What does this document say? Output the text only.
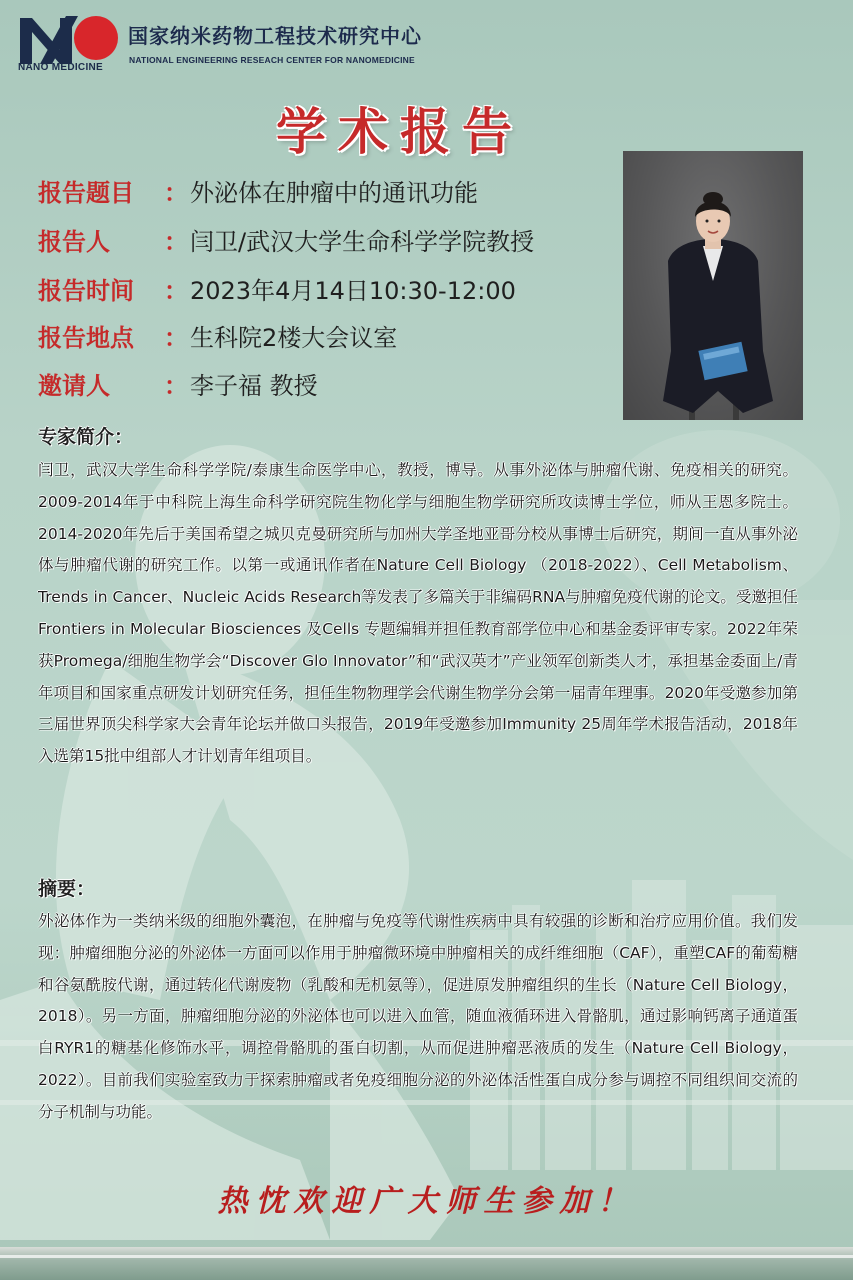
NANO MEDICINE
国家纳米药物工程技术研究中心
NATIONAL ENGINEERING RESEACH CENTER FOR NANOMEDICINE
学术报告
报告题目 ：外泌体在肿瘤中的通讯功能
报告人 ：闫卫/武汉大学生命科学学院教授
报告时间 ：2023年4月14日10:30-12:00
报告地点 ：生科院2楼大会议室
邀请人 ：李子福 教授
专家简介：
闫卫，武汉大学生命科学学院/泰康生命医学中心，教授，博导。从事外泌体与肿瘤代谢、免疫相关的研究。2009-2014年于中科院上海生命科学研究院生物化学与细胞生物学研究所攻读博士学位，师从王恩多院士。2014-2020年先后于美国希望之城贝克曼研究所与加州大学圣地亚哥分校从事博士后研究，期间一直从事外泌体与肿瘤代谢的研究工作。以第一或通讯作者在Nature Cell Biology （2018-2022）、Cell Metabolism、Trends in Cancer、Nucleic Acids Research等发表了多篇关于非编码RNA与肿瘤免疫代谢的论文。受邀担任Frontiers in Molecular Biosciences 及Cells 专题编辑并担任教育部学位中心和基金委评审专家。2022年荣获Promega/细胞生物学会“Discover Glo Innovator”和“武汉英才”产业领军创新类人才，承担基金委面上/青年项目和国家重点研发计划研究任务，担任生物物理学会代谢生物学分会第一届青年理事。2020年受邀参加第三届世界顶尖科学家大会青年论坛并做口头报告，2019年受邀参加Immunity 25周年学术报告活动，2018年入选第15批中组部人才计划青年组项目。
摘要：
外泌体作为一类纳米级的细胞外囊泡，在肿瘤与免疫等代谢性疾病中具有较强的诊断和治疗应用价值。我们发现：肿瘤细胞分泌的外泌体一方面可以作用于肿瘤微环境中肿瘤相关的成纤维细胞（CAF），重塑CAF的葡萄糖和谷氨酰胺代谢，通过转化代谢废物（乳酸和无机氨等），促进原发肿瘤组织的生长（Nature Cell Biology，2018）。另一方面，肿瘤细胞分泌的外泌体也可以进入血管，随血液循环进入骨骼肌，通过影响钙离子通道蛋白RYR1的糖基化修饰水平，调控骨骼肌的蛋白切割，从而促进肿瘤恶液质的发生（Nature Cell Biology，2022）。目前我们实验室致力于探索肿瘤或者免疫细胞分泌的外泌体活性蛋白成分参与调控不同组织间交流的分子机制与功能。
热忱欢迎广大师生参加！
